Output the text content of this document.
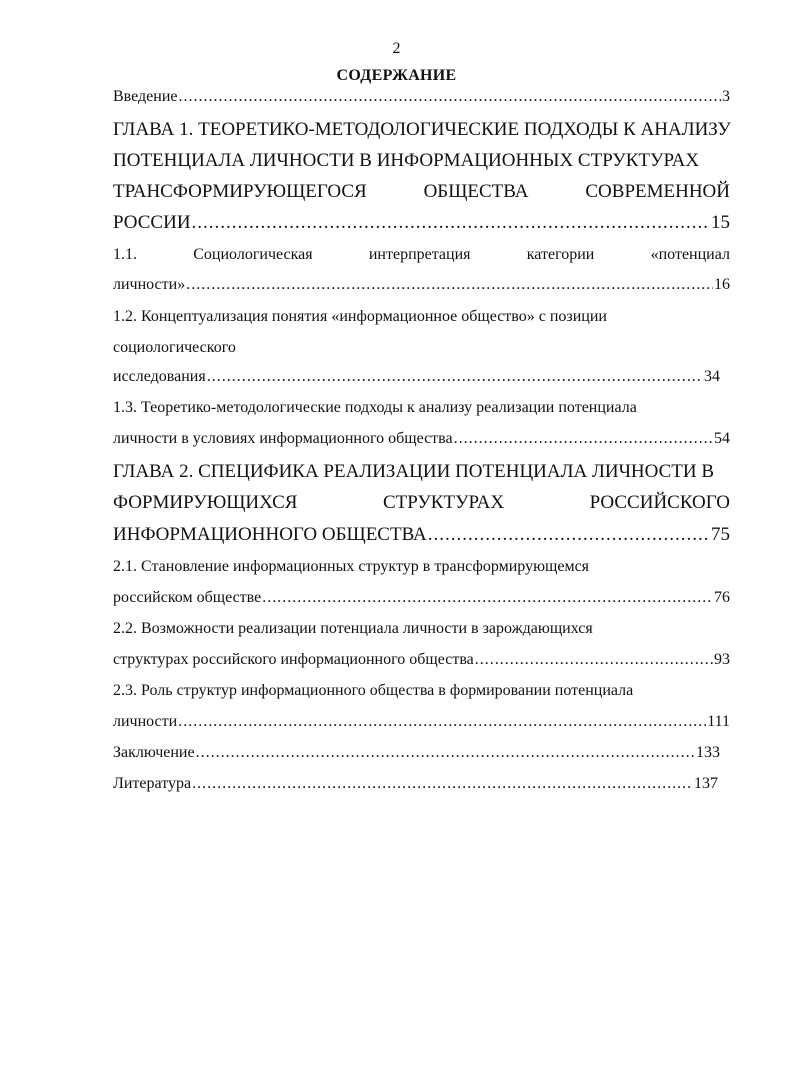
2
СОДЕРЖАНИЕ
Введение .....	3
ГЛАВА 1. ТЕОРЕТИКО-МЕТОДОЛОГИЧЕСКИЕ ПОДХОДЫ К АНАЛИЗУ
ПОТЕНЦИАЛА ЛИЧНОСТИ В ИНФОРМАЦИОННЫХ СТРУКТУРАХ
ТРАНСФОРМИРУЮЩЕГОСЯ	ОБЩЕСТВА	СОВРЕМЕННОЙ
РОССИИ .....	15
1.1.	Социологическая	интерпретация	категории	«потенциал
личности» .....	16
1.2. Концептуализация понятия «информационное общество» с позиции
социологического
исследования .....	34
1.3. Теоретико-методологические подходы к анализу реализации потенциала
личности в условиях информационного общества .....	54
ГЛАВА 2. СПЕЦИФИКА РЕАЛИЗАЦИИ ПОТЕНЦИАЛА ЛИЧНОСТИ В
ФОРМИРУЮЩИХСЯ	СТРУКТУРАХ	РОССИЙСКОГО
ИНФОРМАЦИОННОГО ОБЩЕСТВА .....	75
2.1. Становление информационных структур в трансформирующемся
российском обществе .....	76
2.2. Возможности реализации потенциала личности в зарождающихся
структурах российского информационного общества .....	93
2.3. Роль структур информационного общества в формировании потенциала
личности .....	111
Заключение .....	133
Литература .....	137
